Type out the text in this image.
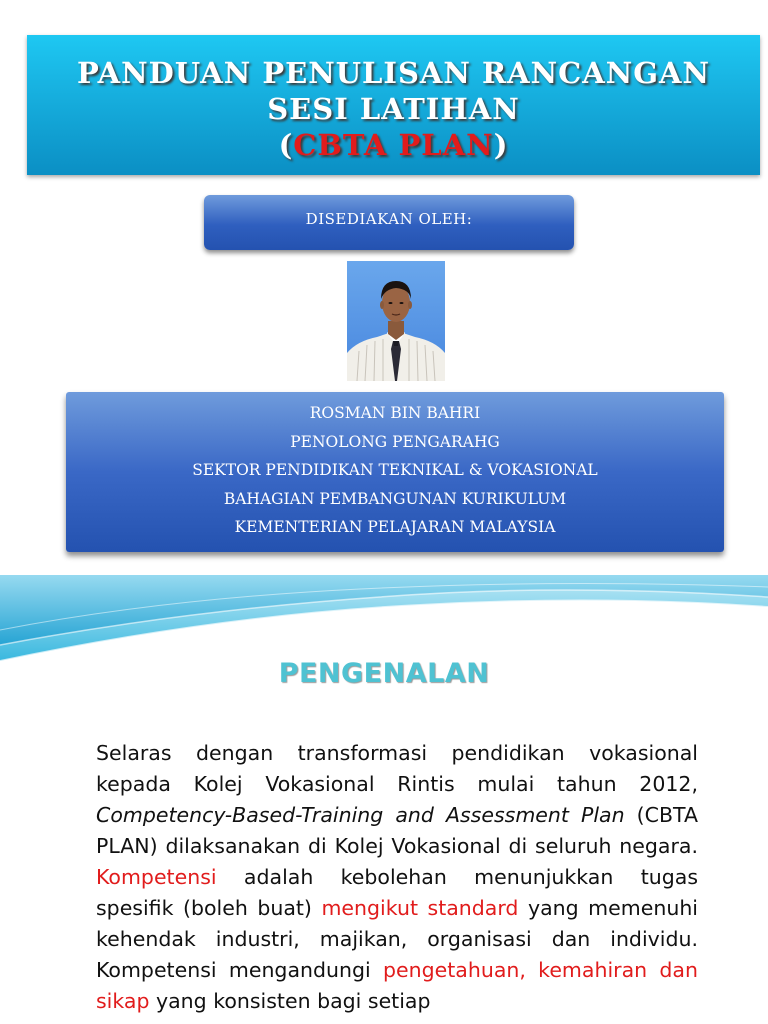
PANDUAN PENULISAN RANCANGAN
SESI LATIHAN
(CBTA PLAN)
DISEDIAKAN OLEH:
ROSMAN BIN BAHRI
PENOLONG PENGARAHG
SEKTOR PENDIDIKAN TEKNIKAL & VOKASIONAL
BAHAGIAN PEMBANGUNAN KURIKULUM
KEMENTERIAN PELAJARAN MALAYSIA
PENGENALAN
Selaras dengan transformasi pendidikan vokasional kepada Kolej Vokasional Rintis mulai tahun 2012, Competency-Based-Training and Assessment Plan (CBTA PLAN) dilaksanakan di Kolej Vokasional di seluruh negara. Kompetensi adalah kebolehan menunjukkan tugas spesifik (boleh buat) mengikut standard yang memenuhi kehendak industri, majikan, organisasi dan individu. Kompetensi mengandungi pengetahuan, kemahiran dan sikap yang konsisten bagi setiap
